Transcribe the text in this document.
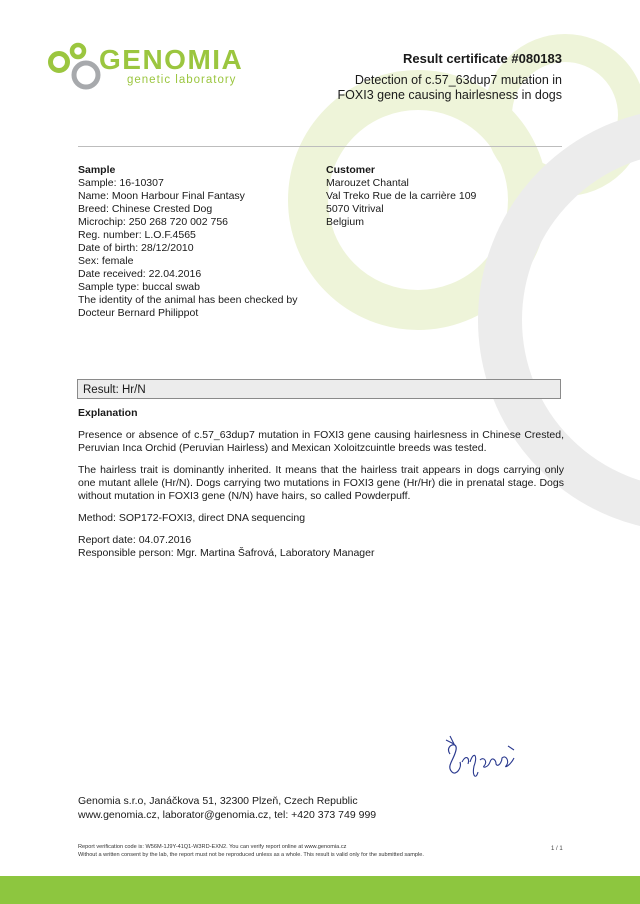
GENOMIA
genetic laboratory
Result certificate #080183
Detection of c.57_63dup7 mutation in
FOXI3 gene causing hairlesness in dogs
Sample
Sample: 16-10307
Name: Moon Harbour Final Fantasy
Breed: Chinese Crested Dog
Microchip: 250 268 720 002 756
Reg. number: L.O.F.4565
Date of birth: 28/12/2010
Sex: female
Date received: 22.04.2016
Sample type: buccal swab
The identity of the animal has been checked by
Docteur Bernard Philippot
Customer
Marouzet Chantal
Val Treko Rue de la carrière 109
5070 Vitrival
Belgium
Result: Hr/N
Explanation

Presence or absence of c.57_63dup7 mutation in FOXI3 gene causing hairlesness in Chinese Crested, Peruvian Inca Orchid (Peruvian Hairless) and Mexican Xoloitzcuintle breeds was tested.

The hairless trait is dominantly inherited. It means that the hairless trait appears in dogs carrying only one mutant allele (Hr/N). Dogs carrying two mutations in FOXI3 gene (Hr/Hr) die in prenatal stage. Dogs without mutation in FOXI3 gene (N/N) have hairs, so called Powderpuff.

Method: SOP172-FOXI3, direct DNA sequencing

Report date: 04.07.2016
Responsible person: Mgr. Martina Šafrová, Laboratory Manager
Genomia s.r.o, Janáčkova 51, 32300 Plzeň, Czech Republic
www.genomia.cz, laborator@genomia.cz, tel: +420 373 749 999
Report verification code is: W56M-1J9Y-41Q1-W3RD-EXN2. You can verify report online at www.genomia.cz
Without a written consent by the lab, the report must not be reproduced unless as a whole. This result is valid only for the submitted sample.
1 / 1
